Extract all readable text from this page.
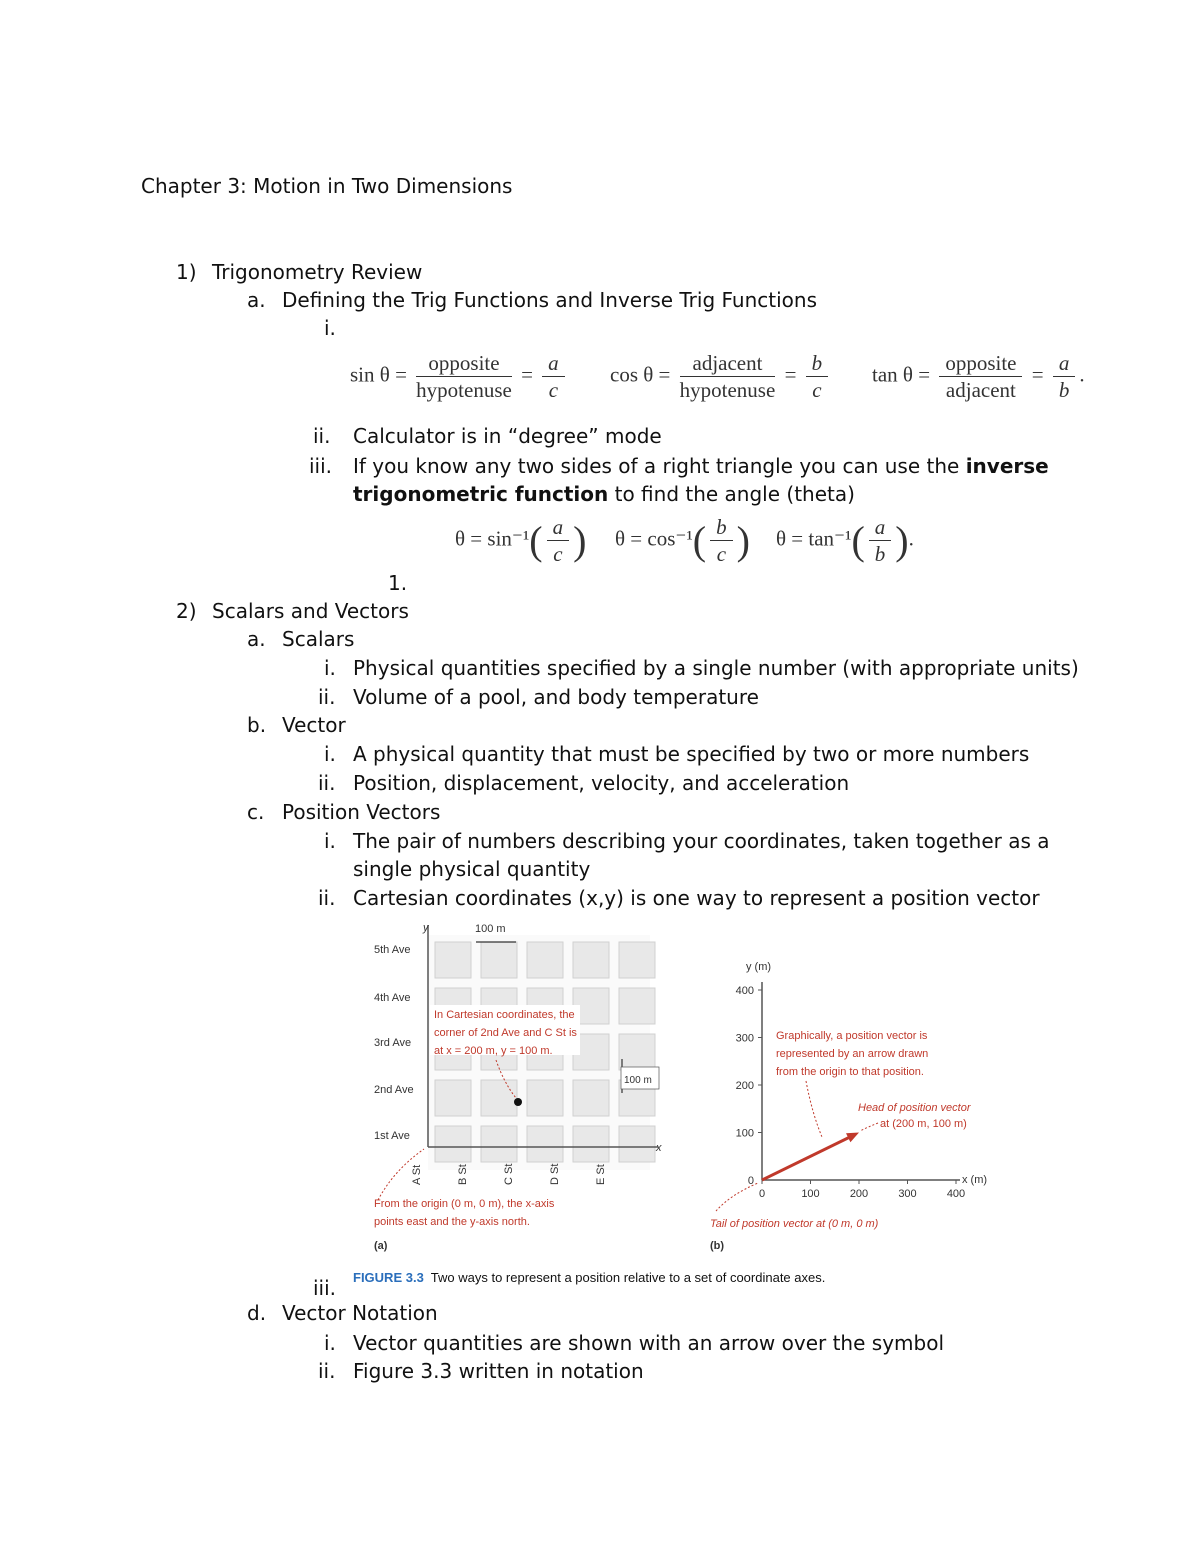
Chapter 3: Motion in Two Dimensions
1) Trigonometry Review
a. Defining the Trig Functions and Inverse Trig Functions
i.
$\sin \theta = \frac{\text{opposite}}{\text{hypotenuse}} = \frac{a}{c}$ $\cos \theta = \frac{\text{adjacent}}{\text{hypotenuse}} = \frac{b}{c}$ $\tan \theta = \frac{\text{opposite}}{\text{adjacent}} = \frac{a}{b}$ .
ii. Calculator is in “degree” mode
iii. If you know any two sides of a right triangle you can use the inverse
trigonometric function to find the angle (theta)
$\theta = \sin^{-1}( \frac{a}{c}$ ) $\theta = \cos^{-1}( \frac{b}{c}$ ) $\theta = \tan^{-1}( \frac{a}{b}$ ).
1.
2) Scalars and Vectors
a. Scalars
i. Physical quantities specified by a single number (with appropriate units)
ii. Volume of a pool, and body temperature
b. Vector
i. A physical quantity that must be specified by two or more numbers
ii. Position, displacement, velocity, and acceleration
c. Position Vectors
i. The pair of numbers describing your coordinates, taken together as a
single physical quantity
ii. Cartesian coordinates (x,y) is one way to represent a position vector
y
x
100 m
100 m
5th Ave
4th Ave
3rd Ave
2nd Ave
1st Ave
A St	B St	C St	D St	E St
In Cartesian coordinates, the
corner of 2nd Ave and C St is
at x = 200 m, y = 100 m.
From the origin (0 m, 0 m), the x-axis
points east and the y-axis north.
(a)
y (m)
x (m)
400
300
200
100
0
0	100	200	300	400
Graphically, a position vector is
represented by an arrow drawn
from the origin to that position.
Head of position vector
at (200 m, 100 m)
Tail of position vector at (0 m, 0 m)
(b)
iii. FIGURE 3.3 Two ways to represent a position relative to a set of coordinate axes.
d. Vector Notation
i. Vector quantities are shown with an arrow over the symbol
ii. Figure 3.3 written in notation
